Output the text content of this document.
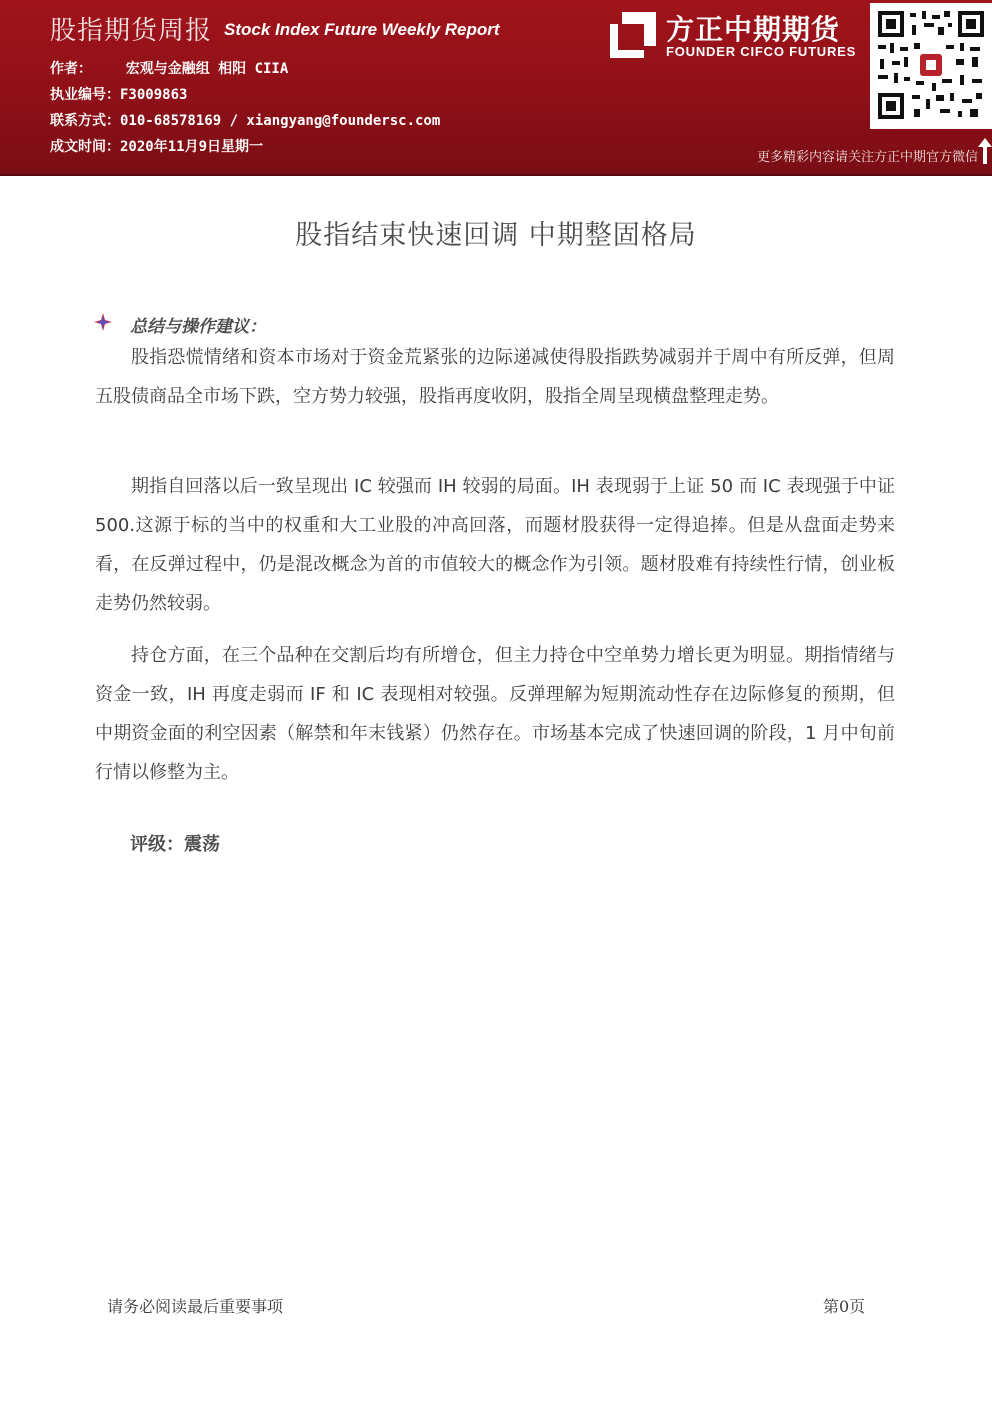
股指期货周报 Stock Index Future Weekly Report
作者： 宏观与金融组 相阳 CIIA
执业编号：F3009863
联系方式：010-68578169 / xiangyang@foundersc.com
成文时间：2020年11月9日星期一
方正中期期货
FOUNDER CIFCO FUTURES
更多精彩内容请关注方正中期官方微信
股指结束快速回调 中期整固格局
总结与操作建议：
股指恐慌情绪和资本市场对于资金荒紧张的边际递减使得股指跌势减弱并于周中有所反弹，但周五股债商品全市场下跌，空方势力较强，股指再度收阴，股指全周呈现横盘整理走势。
期指自回落以后一致呈现出 IC 较强而 IH 较弱的局面。IH 表现弱于上证 50 而 IC 表现强于中证 500.这源于标的当中的权重和大工业股的冲高回落，而题材股获得一定得追捧。但是从盘面走势来看，在反弹过程中，仍是混改概念为首的市值较大的概念作为引领。题材股难有持续性行情，创业板走势仍然较弱。
持仓方面，在三个品种在交割后均有所增仓，但主力持仓中空单势力增长更为明显。期指情绪与资金一致，IH 再度走弱而 IF 和 IC 表现相对较强。反弹理解为短期流动性存在边际修复的预期，但中期资金面的利空因素（解禁和年末钱紧）仍然存在。市场基本完成了快速回调的阶段，1 月中旬前行情以修整为主。
评级：震荡
请务必阅读最后重要事项	第0页
